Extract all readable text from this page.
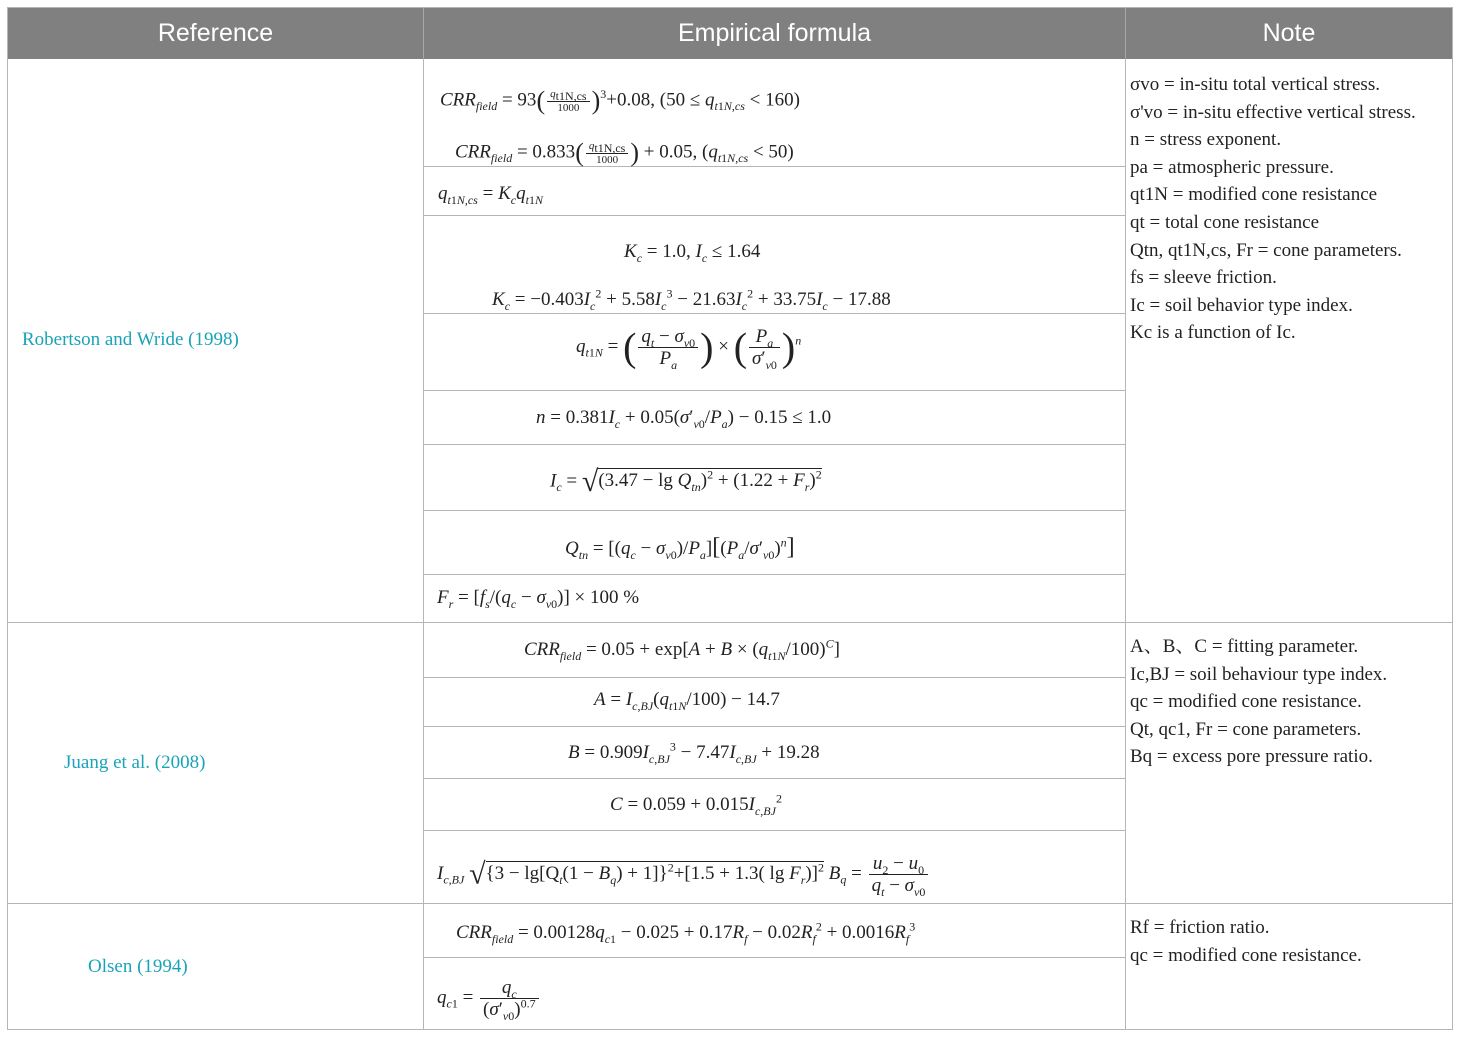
Reference	Empirical formula	Note
Robertson and Wride (1998)
Juang et al. (2008)
Olsen (1994)
$CRR_{field} = 93( \frac{q_{t1N,cs}}{1000} )^3+0.08$, $(50 \le q_{t1N,cs} < 160)$
$CRR_{field} = 0.833( \frac{q_{t1N,cs}}{1000}$ ) + 0.05, $(q_{t1N,cs} < 50)$
$q_{t1N,cs} = K_cq_{t1N}$
$K_c = 1.0$, $I_c \le 1.64$
$K_c = -0.403I_c^2 + 5.58I_c^3 - 21.63I_c^2 + 33.75I_c - 17.88$
$q_{t1N}$ = ( $\frac{q_t - \sigma_{v0}}{P_a}$ ) × ( $\frac{P_a}{\sigma'_{v0}} )^n$
$n = 0.381I_c + 0.05(\sigma'_{v0}/P_a) - 0.15 \le 1.0$
$I_c = √(3.47 - \lg Q_{tn})^2 + (1.22 + F_r)^2$
$Q_{tn} = [(q_c - \sigma_{v0})/P_a][(P_a/\sigma'_{v0})^n]$
$F_r = [f_s/(q_c - \sigma_{v0})] \times 100$ %
$CRR_{field} = 0.05 + \exp[A + B \times (q_{t1N}/100)^C]$
$A = I_{c,BJ}(q_{t1N}/100) - 14.7$
$B = 0.909I_{c,BJ}^3 - 7.47I_{c,BJ} + 19.28$
$C = 0.059 + 0.015I_{c,BJ}^2$
$I_{c,BJ}$ $√\{3 - \lg[Q_t(1 - B_q) + 1]\}^2+[1.5 + 1.3$( $\lg F_r)]^2$ $B_q = \frac{u_2 - u_0}{q_t - \sigma_{v0}}$
$CRR_{field} = 0.00128q_{c1} - 0.025 + 0.17R_f - 0.02R_f^2 + 0.0016R_f^3$
$q_{c1} = \frac{q_c}{(\sigma'_{v0})^{0.7}}$
σvo = in-situ total vertical stress.
σ'vo = in-situ effective vertical stress.
n = stress exponent.
pa = atmospheric pressure.
qt1N = modified cone resistance
qt = total cone resistance
Qtn, qt1N,cs, Fr = cone parameters.
fs = sleeve friction.
Ic = soil behavior type index.
Kc is a function of Ic.
A、B、C = fitting parameter.
Ic,BJ = soil behaviour type index.
qc = modified cone resistance.
Qt, qc1, Fr = cone parameters.
Bq = excess pore pressure ratio.
Rf = friction ratio.
qc = modified cone resistance.
